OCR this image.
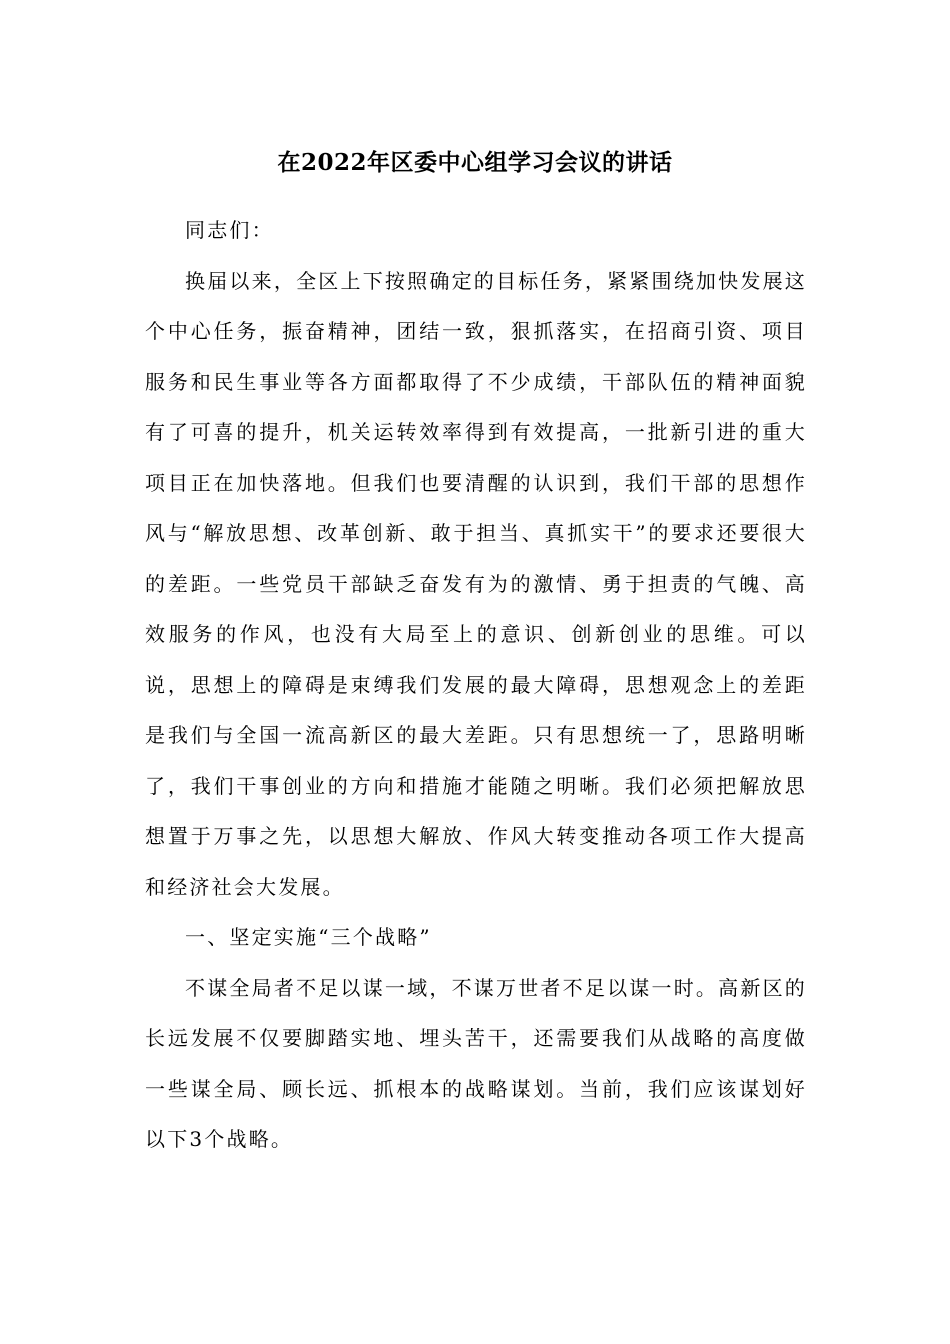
在2022年区委中心组学习会议的讲话

同志们：

换届以来，全区上下按照确定的目标任务，紧紧围绕加快发展这个中心任务，振奋精神，团结一致，狠抓落实，在招商引资、项目服务和民生事业等各方面都取得了不少成绩，干部队伍的精神面貌有了可喜的提升，机关运转效率得到有效提高，一批新引进的重大项目正在加快落地。但我们也要清醒的认识到，我们干部的思想作风与“解放思想、改革创新、敢于担当、真抓实干”的要求还要很大的差距。一些党员干部缺乏奋发有为的激情、勇于担责的气魄、高效服务的作风，也没有大局至上的意识、创新创业的思维。可以说，思想上的障碍是束缚我们发展的最大障碍，思想观念上的差距是我们与全国一流高新区的最大差距。只有思想统一了，思路明晰了，我们干事创业的方向和措施才能随之明晰。我们必须把解放思想置于万事之先，以思想大解放、作风大转变推动各项工作大提高和经济社会大发展。

一、坚定实施“三个战略”

不谋全局者不足以谋一域，不谋万世者不足以谋一时。高新区的长远发展不仅要脚踏实地、埋头苦干，还需要我们从战略的高度做一些谋全局、顾长远、抓根本的战略谋划。当前，我们应该谋划好以下3个战略。
